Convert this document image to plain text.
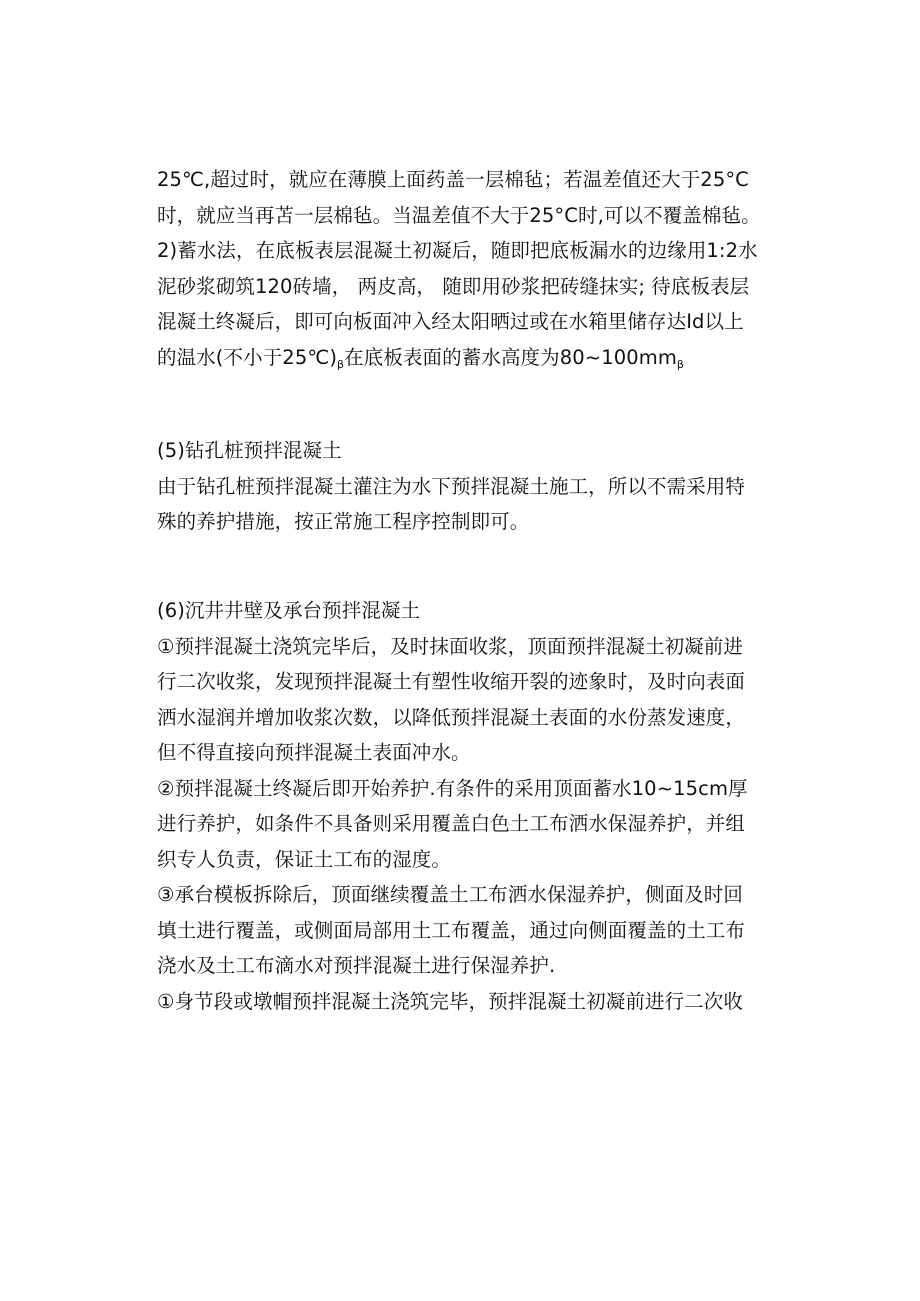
25℃,超过时，就应在薄膜上面药盖一层棉毡；若温差值还大于25°C
时，就应当再苫一层棉毡。当温差值不大于25°C时,可以不覆盖棉毡。
2)蓄水法，在底板表层混凝土初凝后，随即把底板漏水的边缘用1:2水
泥砂浆砌筑120砖墙， 两皮高， 随即用砂浆把砖缝抹实; 待底板表层
混凝土终凝后，即可向板面冲入经太阳晒过或在水箱里储存达Id以上
的温水(不小于$25℃)_\beta$在底板表面的蓄水高度为$80\sim 100mm_\beta$
(5)钻孔桩预拌混凝土
由于钻孔桩预拌混凝土灌注为水下预拌混凝土施工，所以不需采用特
殊的养护措施，按正常施工程序控制即可。
(6)沉井井壁及承台预拌混凝土
①预拌混凝土浇筑完毕后，及时抹面收浆，顶面预拌混凝土初凝前进
行二次收浆，发现预拌混凝土有塑性收缩开裂的迹象时，及时向表面
洒水湿润并增加收浆次数，以降低预拌混凝土表面的水份蒸发速度，
但不得直接向预拌混凝土表面冲水。
②预拌混凝土终凝后即开始养护.有条件的采用顶面蓄水10~15cm厚
进行养护，如条件不具备则采用覆盖白色土工布洒水保湿养护，并组
织专人负责，保证土工布的湿度。
③承台模板拆除后，顶面继续覆盖土工布洒水保湿养护，侧面及时回
填土进行覆盖，或侧面局部用土工布覆盖，通过向侧面覆盖的土工布
浇水及土工布滴水对预拌混凝土进行保湿养护.
①身节段或墩帽预拌混凝土浇筑完毕，预拌混凝土初凝前进行二次收
